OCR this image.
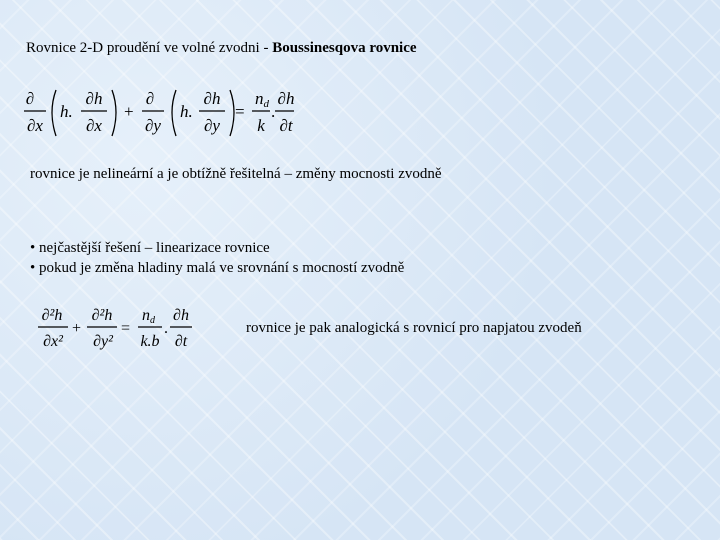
Rovnice 2-D proudění ve volné zvodni - Boussinesqova rovnice
∂
∂x
h.
∂h
∂x
+
∂
∂y
h.
∂h
∂y
=
nd
k
.
∂h
∂t
rovnice je nelineární a je obtížně řešitelná – změny mocnosti zvodně
• nejčastější řešení – linearizace rovnice
• pokud je změna hladiny malá ve srovnání s mocností zvodně
∂²h
∂x²
+
∂²h
∂y²
=
nd
k.b
.
∂h
∂t
rovnice je pak analogická s rovnicí pro napjatou zvodeň
